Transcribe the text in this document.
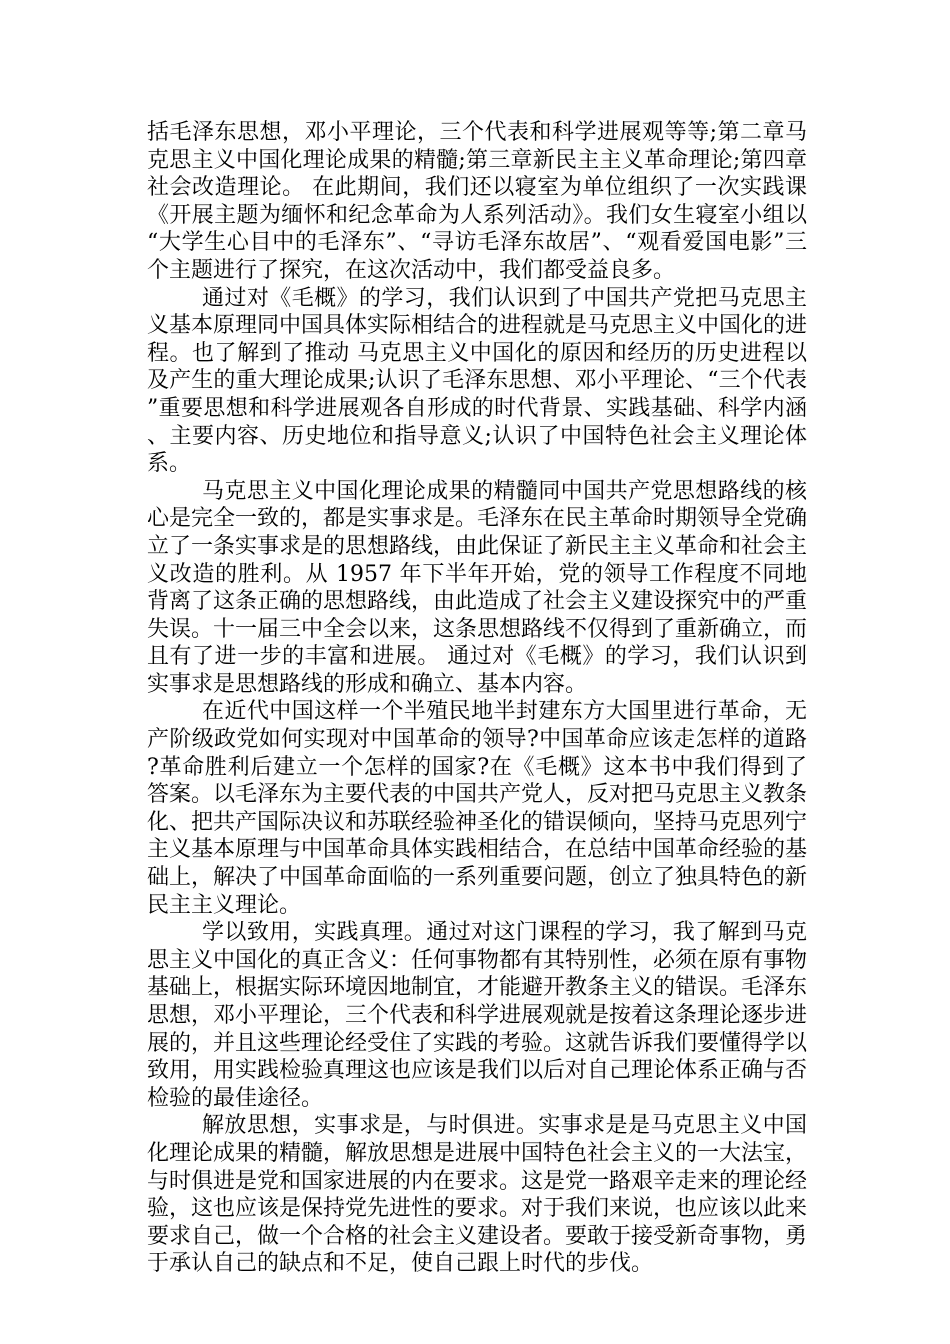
括毛泽东思想，邓小平理论，三个代表和科学进展观等等;第二章马克思主义中国化理论成果的精髓;第三章新民主主义革命理论;第四章社会改造理论。 在此期间，我们还以寝室为单位组织了一次实践课《开展主题为缅怀和纪念革命为人系列活动》。我们女生寝室小组以“大学生心目中的毛泽东”、“寻访毛泽东故居”、“观看爱国电影”三个主题进行了探究，在这次活动中，我们都受益良多。

通过对《毛概》的学习，我们认识到了中国共产党把马克思主义基本原理同中国具体实际相结合的进程就是马克思主义中国化的进程。也了解到了推动 马克思主义中国化的原因和经历的历史进程以及产生的重大理论成果;认识了毛泽东思想、邓小平理论、“三个代表”重要思想和科学进展观各自形成的时代背景、实践基础、科学内涵、主要内容、历史地位和指导意义;认识了中国特色社会主义理论体系。

马克思主义中国化理论成果的精髓同中国共产党思想路线的核心是完全一致的，都是实事求是。毛泽东在民主革命时期领导全党确立了一条实事求是的思想路线，由此保证了新民主主义革命和社会主义改造的胜利。从 1957 年下半年开始，党的领导工作程度不同地背离了这条正确的思想路线，由此造成了社会主义建设探究中的严重失误。十一届三中全会以来，这条思想路线不仅得到了重新确立，而且有了进一步的丰富和进展。 通过对《毛概》的学习，我们认识到实事求是思想路线的形成和确立、基本内容。

在近代中国这样一个半殖民地半封建东方大国里进行革命，无产阶级政党如何实现对中国革命的领导?中国革命应该走怎样的道路?革命胜利后建立一个怎样的国家?在《毛概》这本书中我们得到了答案。以毛泽东为主要代表的中国共产党人，反对把马克思主义教条化、把共产国际决议和苏联经验神圣化的错误倾向，坚持马克思列宁主义基本原理与中国革命具体实践相结合，在总结中国革命经验的基础上，解决了中国革命面临的一系列重要问题，创立了独具特色的新民主主义理论。

学以致用，实践真理。通过对这门课程的学习，我了解到马克思主义中国化的真正含义：任何事物都有其特别性，必须在原有事物基础上，根据实际环境因地制宜，才能避开教条主义的错误。毛泽东思想，邓小平理论，三个代表和科学进展观就是按着这条理论逐步进展的，并且这些理论经受住了实践的考验。这就告诉我们要懂得学以致用，用实践检验真理这也应该是我们以后对自己理论体系正确与否检验的最佳途径。

解放思想，实事求是，与时俱进。实事求是是马克思主义中国化理论成果的精髓，解放思想是进展中国特色社会主义的一大法宝，与时俱进是党和国家进展的内在要求。这是党一路艰辛走来的理论经验，这也应该是保持党先进性的要求。对于我们来说，也应该以此来要求自己，做一个合格的社会主义建设者。要敢于接受新奇事物，勇于承认自己的缺点和不足，使自己跟上时代的步伐。
